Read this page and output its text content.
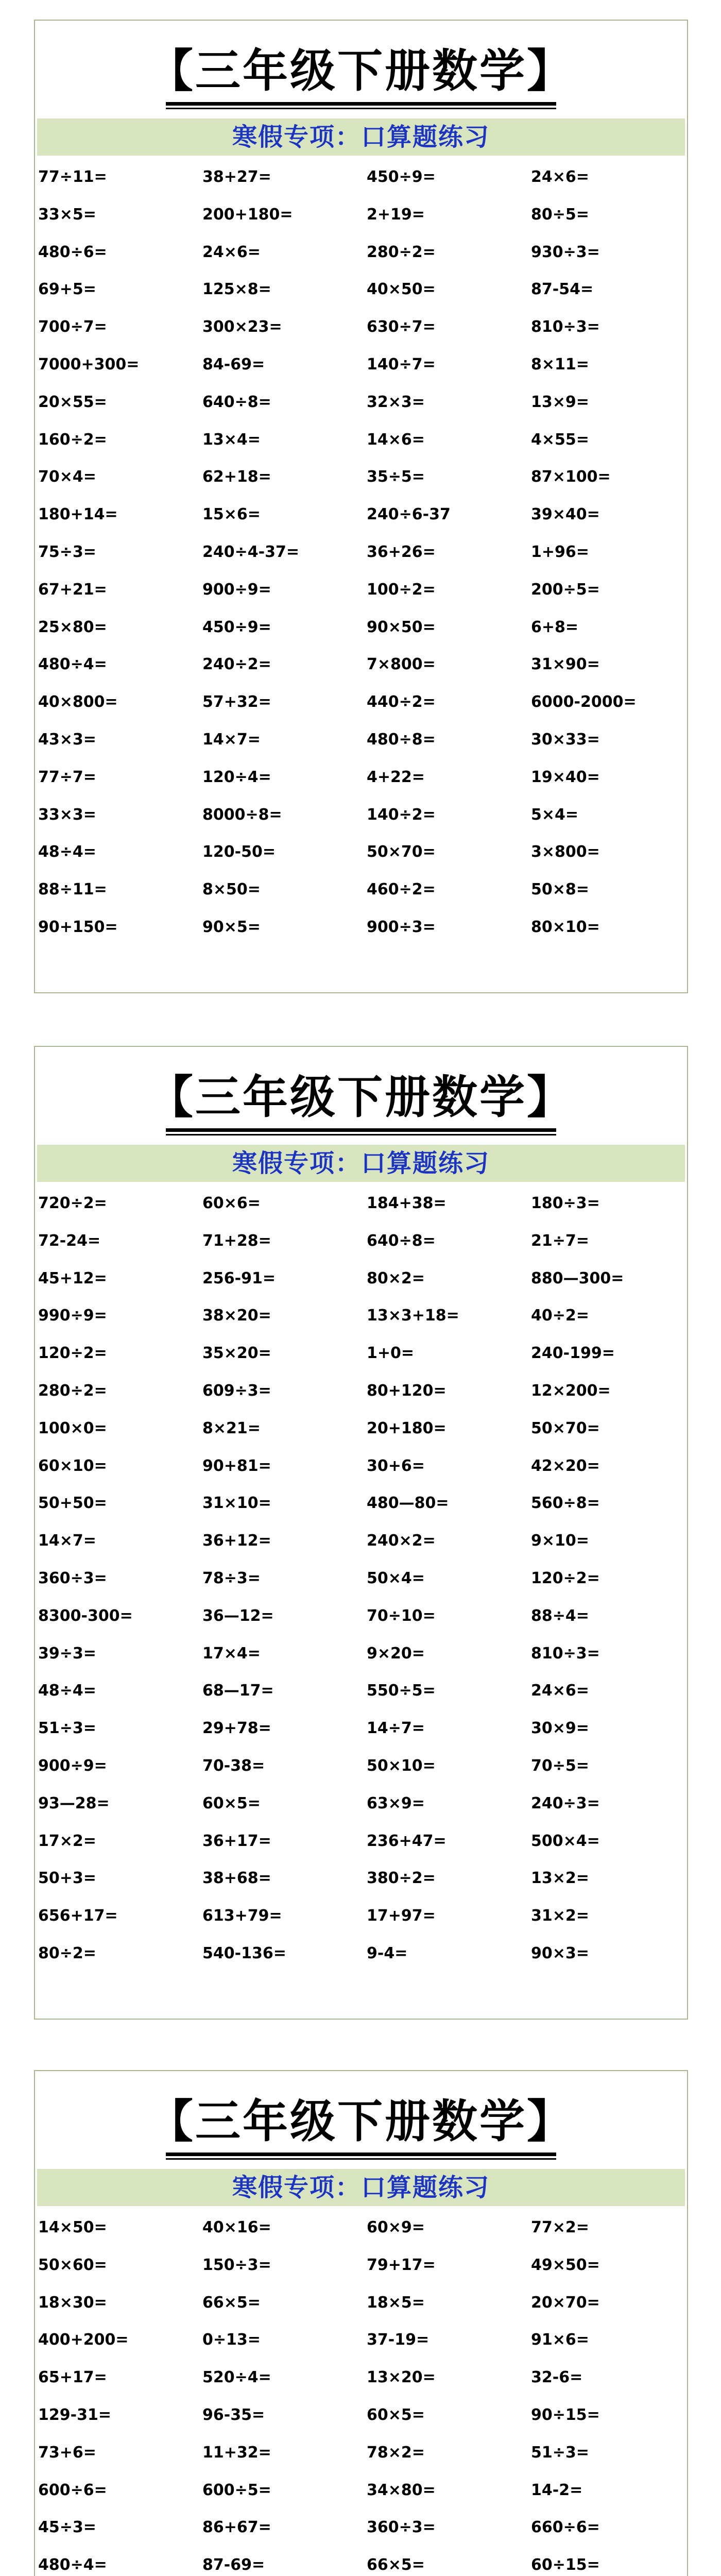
【三年级下册数学】
寒假专项：口算题练习
77÷11=	38+27=	450÷9=	24×6=
33×5=	200+180=	2+19=	80÷5=
480÷6=	24×6=	280÷2=	930÷3=
69+5=	125×8=	40×50=	87-54=
700÷7=	300×23=	630÷7=	810÷3=
7000+300=	84-69=	140÷7=	8×11=
20×55=	640÷8=	32×3=	13×9=
160÷2=	13×4=	14×6=	4×55=
70×4=	62+18=	35÷5=	87×100=
180+14=	15×6=	240÷6-37	39×40=
75÷3=	240÷4-37=	36+26=	1+96=
67+21=	900÷9=	100÷2=	200÷5=
25×80=	450÷9=	90×50=	6+8=
480÷4=	240÷2=	7×800=	31×90=
40×800=	57+32=	440÷2=	6000-2000=
43×3=	14×7=	480÷8=	30×33=
77÷7=	120÷4=	4+22=	19×40=
33×3=	8000÷8=	140÷2=	5×4=
48÷4=	120-50=	50×70=	3×800=
88÷11=	8×50=	460÷2=	50×8=
90+150=	90×5=	900÷3=	80×10=
【三年级下册数学】
寒假专项：口算题练习
720÷2=	60×6=	184+38=	180÷3=
72-24=	71+28=	640÷8=	21÷7=
45+12=	256-91=	80×2=	880—300=
990÷9=	38×20=	13×3+18=	40÷2=
120÷2=	35×20=	1+0=	240-199=
280÷2=	609÷3=	80+120=	12×200=
100×0=	8×21=	20+180=	50×70=
60×10=	90+81=	30+6=	42×20=
50+50=	31×10=	480—80=	560÷8=
14×7=	36+12=	240×2=	9×10=
360÷3=	78÷3=	50×4=	120÷2=
8300-300=	36—12=	70÷10=	88÷4=
39÷3=	17×4=	9×20=	810÷3=
48÷4=	68—17=	550÷5=	24×6=
51÷3=	29+78=	14÷7=	30×9=
900÷9=	70-38=	50×10=	70÷5=
93—28=	60×5=	63×9=	240÷3=
17×2=	36+17=	236+47=	500×4=
50+3=	38+68=	380÷2=	13×2=
656+17=	613+79=	17+97=	31×2=
80÷2=	540-136=	9-4=	90×3=
【三年级下册数学】
寒假专项：口算题练习
14×50=	40×16=	60×9=	77×2=
50×60=	150÷3=	79+17=	49×50=
18×30=	66×5=	18×5=	20×70=
400+200=	0÷13=	37-19=	91×6=
65+17=	520÷4=	13×20=	32-6=
129-31=	96-35=	60×5=	90÷15=
73+6=	11+32=	78×2=	51÷3=
600÷6=	600÷5=	34×80=	14-2=
45÷3=	86+67=	360÷3=	660÷6=
480÷4=	87-69=	66×5=	60÷15=
